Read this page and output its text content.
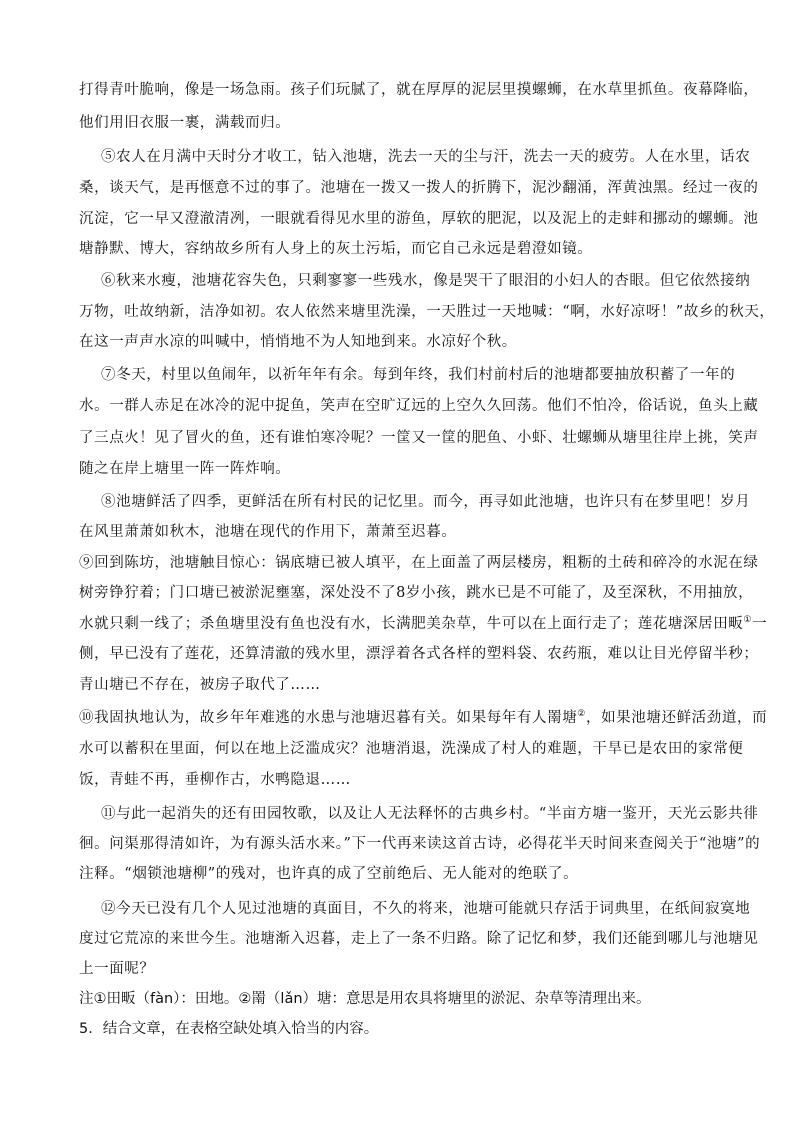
打得青叶脆响，像是一场急雨。孩子们玩腻了，就在厚厚的泥层里摸螺蛳，在水草里抓鱼。夜幕降临，
他们用旧衣服一裹，满载而归。
⑤农人在月满中天时分才收工，钻入池塘，洗去一天的尘与汗，洗去一天的疲劳。人在水里，话农
桑，谈天气，是再惬意不过的事了。池塘在一拨又一拨人的折腾下，泥沙翻涌，浑黄浊黑。经过一夜的
沉淀，它一早又澄澈清冽，一眼就看得见水里的游鱼，厚软的肥泥，以及泥上的走蚌和挪动的螺蛳。池
塘静默、博大，容纳故乡所有人身上的灰土污垢，而它自己永远是碧澄如镜。
⑥秋来水瘦，池塘花容失色，只剩寥寥一些残水，像是哭干了眼泪的小妇人的杏眼。但它依然接纳
万物，吐故纳新，洁净如初。农人依然来塘里洗澡，一天胜过一天地喊：“啊，水好凉呀！”故乡的秋天，
在这一声声水凉的叫喊中，悄悄地不为人知地到来。水凉好个秋。
⑦冬天，村里以鱼闹年，以祈年年有余。每到年终，我们村前村后的池塘都要抽放积蓄了一年的
水。一群人赤足在冰冷的泥中捉鱼，笑声在空旷辽远的上空久久回荡。他们不怕冷，俗话说，鱼头上藏
了三点火！见了冒火的鱼，还有谁怕寒冷呢？一筐又一筐的肥鱼、小虾、壮螺蛳从塘里往岸上挑，笑声
随之在岸上塘里一阵一阵炸响。
⑧池塘鲜活了四季，更鲜活在所有村民的记忆里。而今，再寻如此池塘，也许只有在梦里吧！岁月
在风里萧萧如秋木，池塘在现代的作用下，萧萧至迟暮。
⑨回到陈坊，池塘触目惊心：锅底塘已被人填平，在上面盖了两层楼房，粗粝的土砖和碎冷的水泥在绿
树旁铮狞着；门口塘已被淤泥壅塞，深处没不了8岁小孩，跳水已是不可能了，及至深秋，不用抽放，
水就只剩一线了；杀鱼塘里没有鱼也没有水，长满肥美杂草，牛可以在上面行走了；莲花塘深居田畈①一
侧，早已没有了莲花，还算清澈的残水里，漂浮着各式各样的塑料袋、农药瓶，难以让目光停留半秒；
青山塘已不存在，被房子取代了……
⑩我固执地认为，故乡年年难逃的水患与池塘迟暮有关。如果每年有人罱塘②，如果池塘还鲜活劲道，而
水可以蓄积在里面，何以在地上泛滥成灾？池塘消退，洗澡成了村人的难题，干旱已是农田的家常便
饭，青蛙不再，垂柳作古，水鸭隐退……
⑪与此一起消失的还有田园牧歌，以及让人无法释怀的古典乡村。“半亩方塘一鉴开，天光云影共徘
徊。问渠那得清如许，为有源头活水来。”下一代再来读这首古诗，必得花半天时间来查阅关于“池塘”的
注释。“烟锁池塘柳”的残对，也许真的成了空前绝后、无人能对的绝联了。
⑫今天已没有几个人见过池塘的真面目，不久的将来，池塘可能就只存活于词典里，在纸间寂寞地
度过它荒凉的来世今生。池塘渐入迟暮，走上了一条不归路。除了记忆和梦，我们还能到哪儿与池塘见
上一面呢？
注①田畈（fàn）：田地。②罱（lǎn）塘：意思是用农具将塘里的淤泥、杂草等清理出来。
5．结合文章，在表格空缺处填入恰当的内容。
